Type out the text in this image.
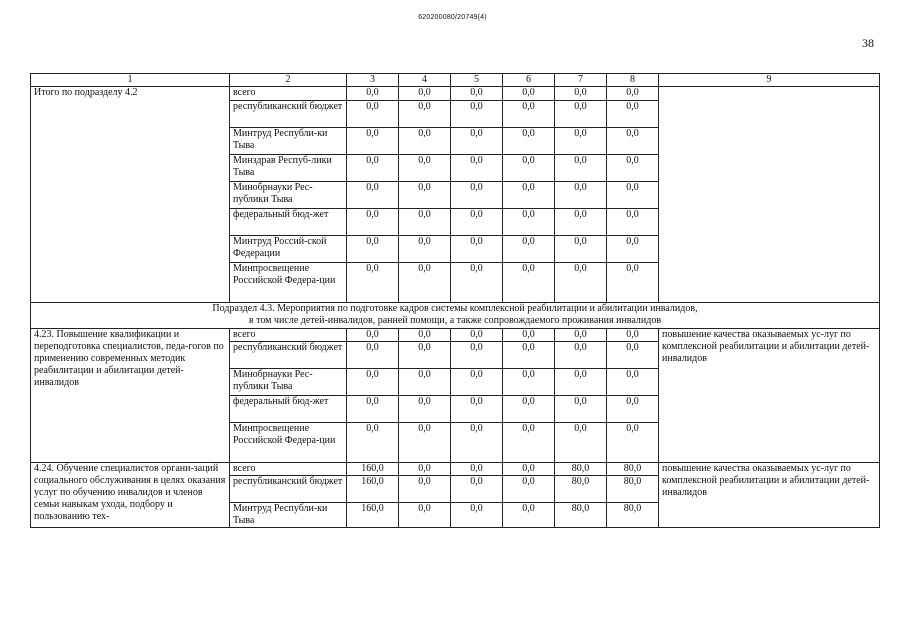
620200080/20749(4)
38
1	2	3	4	5	6	7	8	9
Итого по подразделу 4.2	всего	0,0	0,0	0,0	0,0	0,0	0,0	
	республиканский бюджет	0,0	0,0	0,0	0,0	0,0	0,0	
	Минтруд Республи-ки Тыва	0,0	0,0	0,0	0,0	0,0	0,0	
	Минздрав Респуб-лики Тыва	0,0	0,0	0,0	0,0	0,0	0,0	
	Минобрнауки Рес-публики Тыва	0,0	0,0	0,0	0,0	0,0	0,0	
	федеральный бюд-жет	0,0	0,0	0,0	0,0	0,0	0,0	
	Минтруд Россий-ской Федерации	0,0	0,0	0,0	0,0	0,0	0,0	
	Минпросвещение Российской Федера-ции	0,0	0,0	0,0	0,0	0,0	0,0	

Подраздел 4.3. Мероприятия по подготовке кадров системы комплексной реабилитации и абилитации инвалидов,
в том числе детей-инвалидов, ранней помощи, а также сопровождаемого проживания инвалидов								

4.23. Повышение квалификации и переподготовка специалистов, педа-гогов по применению современных методик реабилитации и абилитации детей-инвалидов	всего	0,0	0,0	0,0	0,0	0,0	0,0	повышение качества оказываемых ус-луг по комплексной реабилитации и абилитации детей-инвалидов
	республиканский бюджет	0,0	0,0	0,0	0,0	0,0	0,0	
	Минобрнауки Рес-публики Тыва	0,0	0,0	0,0	0,0	0,0	0,0	
	федеральный бюд-жет	0,0	0,0	0,0	0,0	0,0	0,0	
	Минпросвещение Российской Федера-ции	0,0	0,0	0,0	0,0	0,0	0,0	
4.24. Обучение специалистов органи-заций социального обслуживания в целях оказания услуг по обучению инвалидов и членов семьи навыкам ухода, подбору и пользованию тех-	всего	160,0	0,0	0,0	0,0	80,0	80,0	повышение качества оказываемых ус-луг по комплексной реабилитации и абилитации детей-инвалидов
	республиканский бюджет	160,0	0,0	0,0	0,0	80,0	80,0	
	Минтруд Республи-ки Тыва	160,0	0,0	0,0	0,0	80,0	80,0	
